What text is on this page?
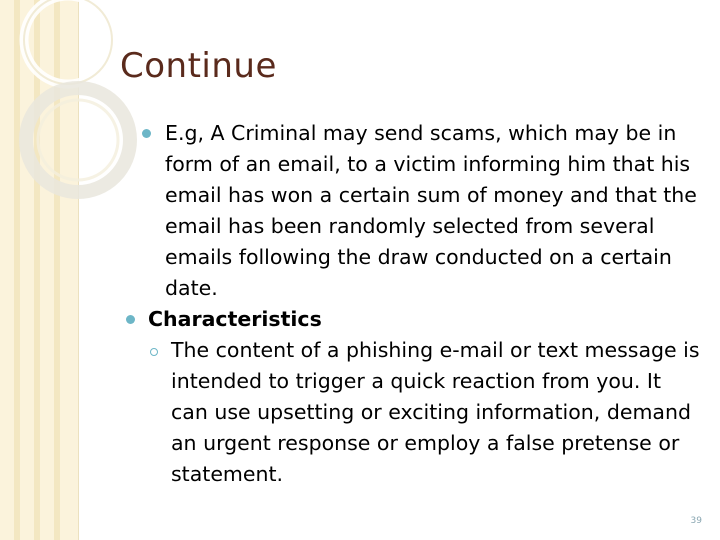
Continue
E.g, A Criminal may send scams, which may be in form of an email, to a victim informing him that his email has won a certain sum of money and that the email has been randomly selected from several emails following the draw conducted on a certain date.
Characteristics
The content of a phishing e-mail or text message is intended to trigger a quick reaction from you. It can use upsetting or exciting information, demand an urgent response or employ a false pretense or statement.
39
